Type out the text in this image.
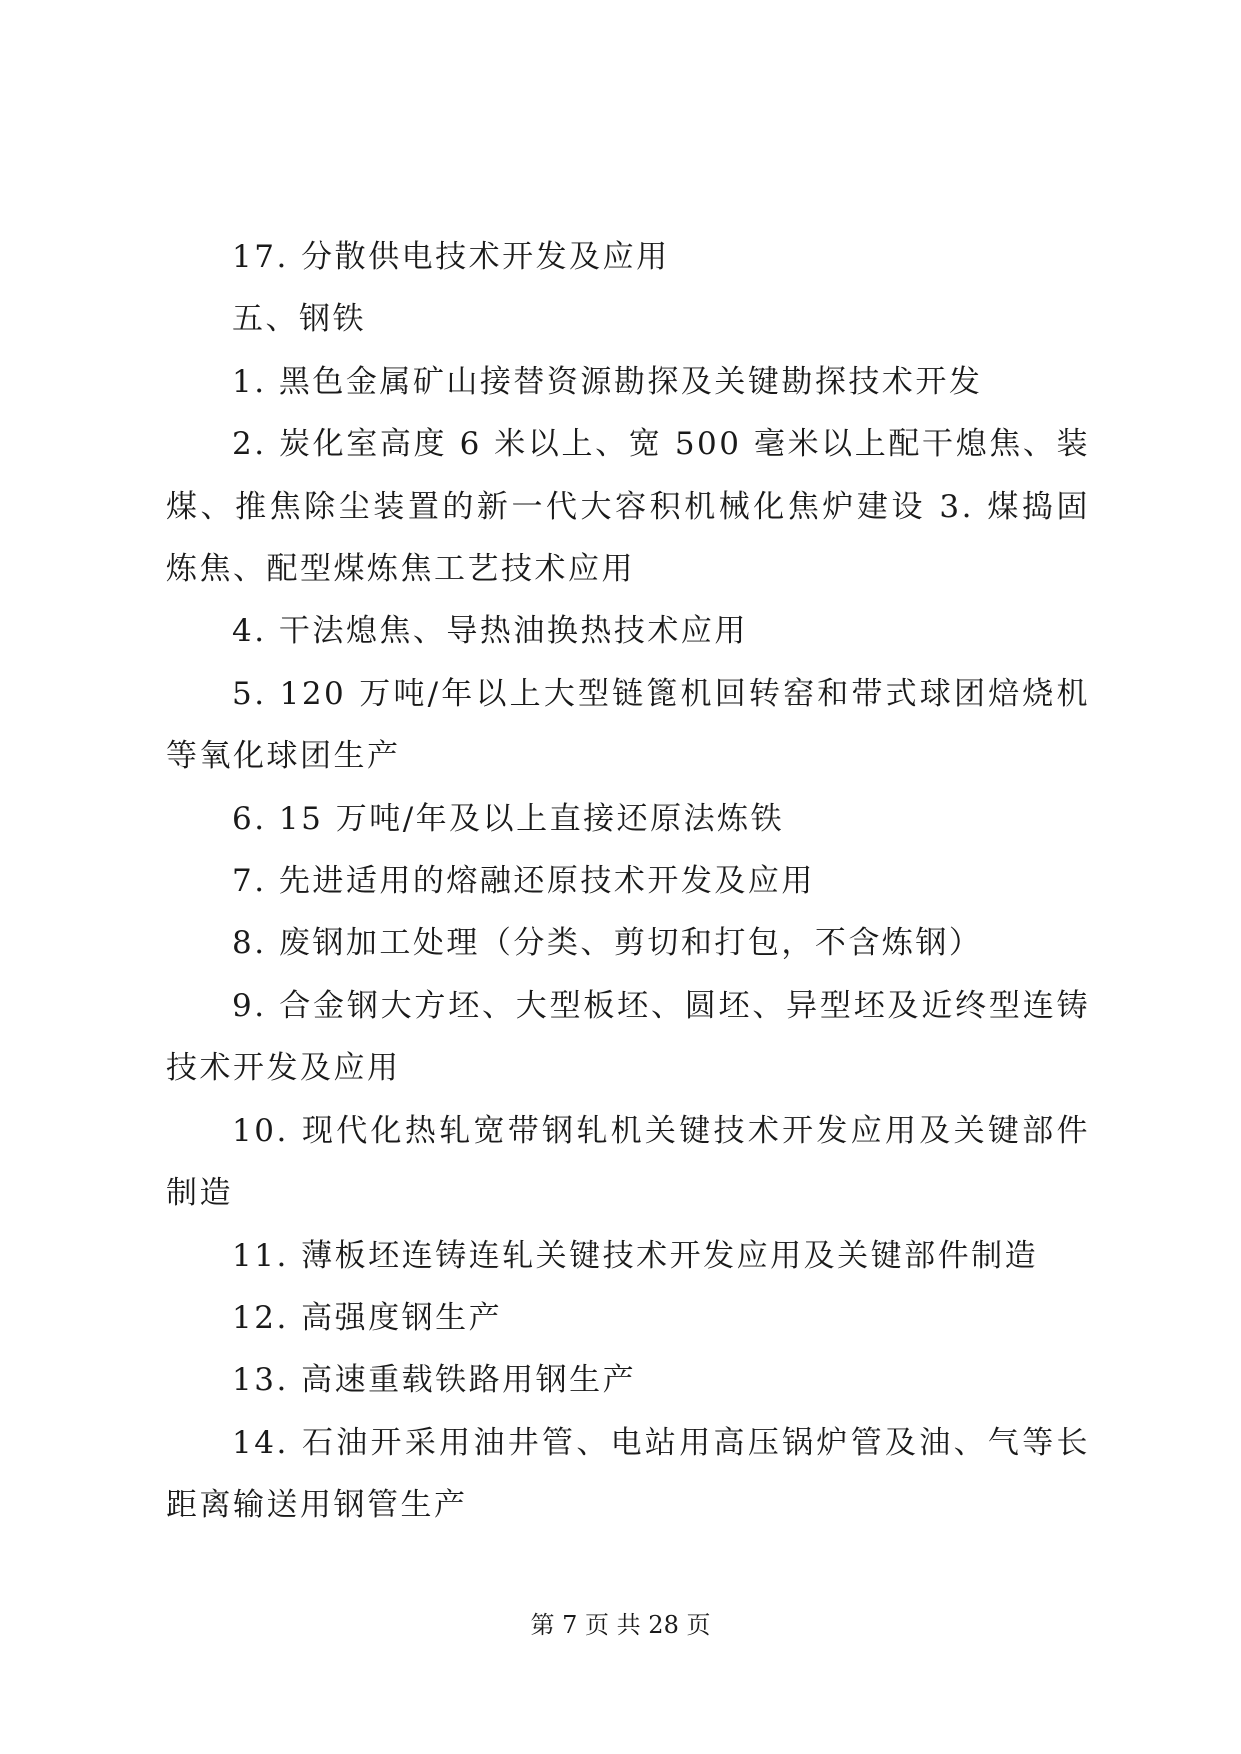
17. 分散供电技术开发及应用

五、钢铁

1. 黑色金属矿山接替资源勘探及关键勘探技术开发

2. 炭化室高度 6 米以上、宽 500 毫米以上配干熄焦、装煤、推焦除尘装置的新一代大容积机械化焦炉建设 3. 煤捣固炼焦、配型煤炼焦工艺技术应用

4. 干法熄焦、导热油换热技术应用

5. 120 万吨/年以上大型链篦机回转窑和带式球团焙烧机等氧化球团生产

6. 15 万吨/年及以上直接还原法炼铁

7. 先进适用的熔融还原技术开发及应用

8. 废钢加工处理（分类、剪切和打包，不含炼钢）

9. 合金钢大方坯、大型板坯、圆坯、异型坯及近终型连铸技术开发及应用

10. 现代化热轧宽带钢轧机关键技术开发应用及关键部件制造

11. 薄板坯连铸连轧关键技术开发应用及关键部件制造

12. 高强度钢生产

13. 高速重载铁路用钢生产

14. 石油开采用油井管、电站用高压锅炉管及油、气等长距离输送用钢管生产

第 7 页 共 28 页
